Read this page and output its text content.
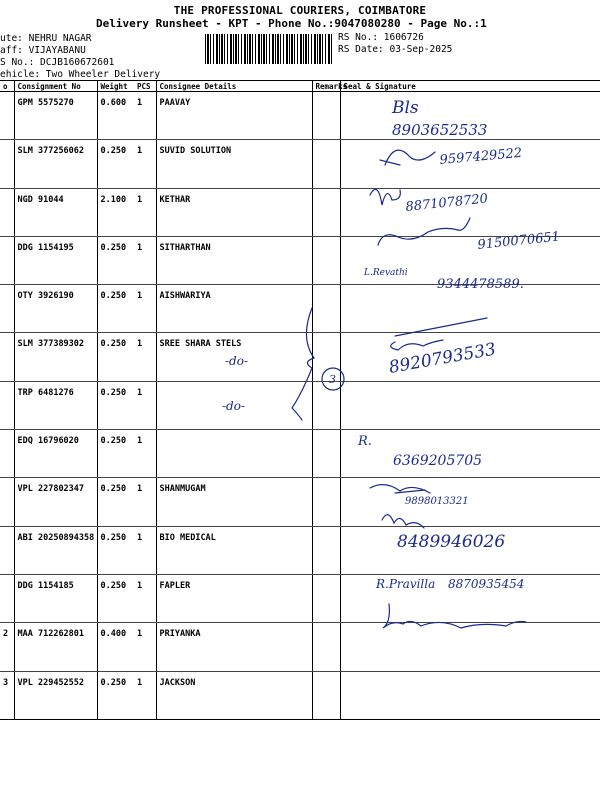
THE PROFESSIONAL COURIERS, COIMBATORE
Delivery Runsheet - KPT - Phone No.:9047080280 - Page No.:1
ute: NEHRU NAGAR
aff: VIJAYABANU
S No.: DCJB160672601
ehicle: Two Wheeler Delivery
RS No.: 1606726
RS Date: 03-Sep-2025
o	Consignment No	Weight	PCS	Consignee Details	Remarks	Seal & Signature
	GPM 5575270	0.600	1	PAAVAY		
	SLM 377256062	0.250	1	SUVID SOLUTION		
	NGD 91044	2.100	1	KETHAR		
	DDG 1154195	0.250	1	SITHARTHAN		
	OTY 3926190	0.250	1	AISHWARIYA		
	SLM 377389302	0.250	1	SREE SHARA STELS		
	TRP 6481276	0.250	1			
	EDQ 16796020	0.250	1			
	VPL 227802347	0.250	1	SHANMUGAM		
	ABI 20250894358	0.250	1	BIO MEDICAL		
	DDG 1154185	0.250	1	FAPLER		
2	MAA 712262801	0.400	1	PRIYANKA		
3	VPL 229452552	0.250	1	JACKSON		
Bls
8903652533
9597429522
8871078720
9150070651
L.Revathi
9344478589.
8920793533
-do-
-do-
3
R.
6369205705
9898013321
8489946026
R.Pravilla 8870935454
